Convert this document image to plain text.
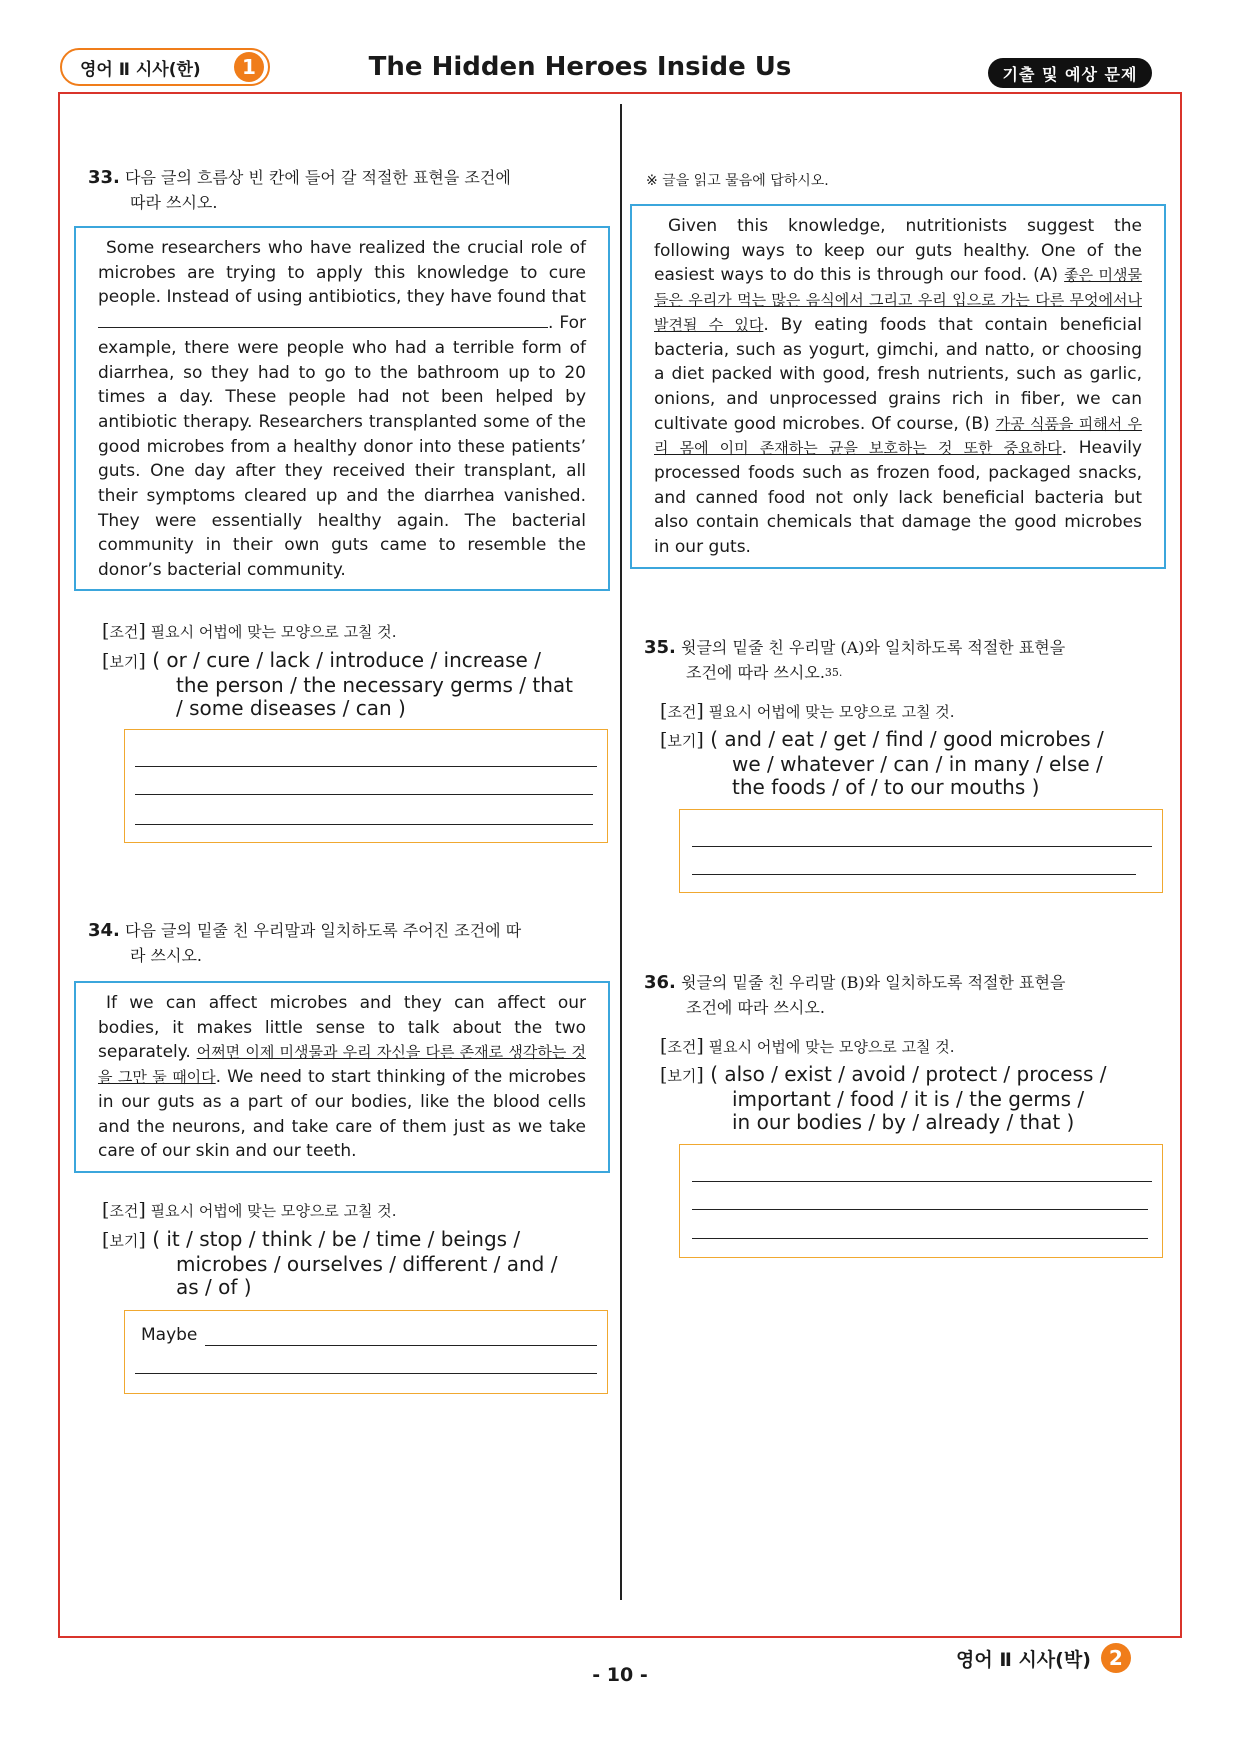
영어 Ⅱ 시사(한)	1	The Hidden Heroes Inside Us	기출 및 예상 문제
33. 다음 글의 흐름상 빈 칸에 들어 갈 적절한 표현을 조건에
따라 쓰시오.
Some researchers who have realized the crucial role of microbes are trying to apply this knowledge to cure people. Instead of using antibiotics, they have found that . For example, there were people who had a terrible form of diarrhea, so they had to go to the bathroom up to 20 times a day. These people had not been helped by antibiotic therapy. Researchers transplanted some of the good microbes from a healthy donor into these patients’ guts. One day after they received their transplant, all their symptoms cleared up and the diarrhea vanished. They were essentially healthy again. The bacterial community in their own guts came to resemble the donor’s bacterial community.
[조건] 필요시 어법에 맞는 모양으로 고칠 것.
[보기] ( or / cure / lack / introduce / increase /
the person / the necessary germs / that
/ some diseases / can )
34. 다음 글의 밑줄 친 우리말과 일치하도록 주어진 조건에 따
라 쓰시오.
If we can affect microbes and they can affect our bodies, it makes little sense to talk about the two separately. 어쩌면 이제 미생물과 우리 자신을 다른 존재로 생각하는 것을 그만 둘 때이다. We need to start thinking of the microbes in our guts as a part of our bodies, like the blood cells and the neurons, and take care of them just as we take care of our skin and our teeth.
[조건] 필요시 어법에 맞는 모양으로 고칠 것.
[보기] ( it / stop / think / be / time / beings /
microbes / ourselves / different / and /
as / of )
Maybe
※ 글을 읽고 물음에 답하시오.
Given this knowledge, nutritionists suggest the following ways to keep our guts healthy. One of the easiest ways to do this is through our food. (A) 좋은 미생물들은 우리가 먹는 많은 음식에서 그리고 우리 입으로 가는 다른 무엇에서나 발견될 수 있다. By eating foods that contain beneficial bacteria, such as yogurt, gimchi, and natto, or choosing a diet packed with good, fresh nutrients, such as garlic, onions, and unprocessed grains rich in fiber, we can cultivate good microbes. Of course, (B) 가공 식품을 피해서 우리 몸에 이미 존재하는 균을 보호하는 것 또한 중요하다. Heavily processed foods such as frozen food, packaged snacks, and canned food not only lack beneficial bacteria but also contain chemicals that damage the good microbes in our guts.
35. 윗글의 밑줄 친 우리말 (A)와 일치하도록 적절한 표현을
조건에 따라 쓰시오.$^{35.}$
[조건] 필요시 어법에 맞는 모양으로 고칠 것.
[보기] ( and / eat / get / find / good microbes /
we / whatever / can / in many / else /
the foods / of / to our mouths )
36. 윗글의 밑줄 친 우리말 (B)와 일치하도록 적절한 표현을
조건에 따라 쓰시오.
[조건] 필요시 어법에 맞는 모양으로 고칠 것.
[보기] ( also / exist / avoid / protect / process /
important / food / it is / the germs /
in our bodies / by / already / that )
영어 Ⅱ 시사(박) 2
- 10 -
